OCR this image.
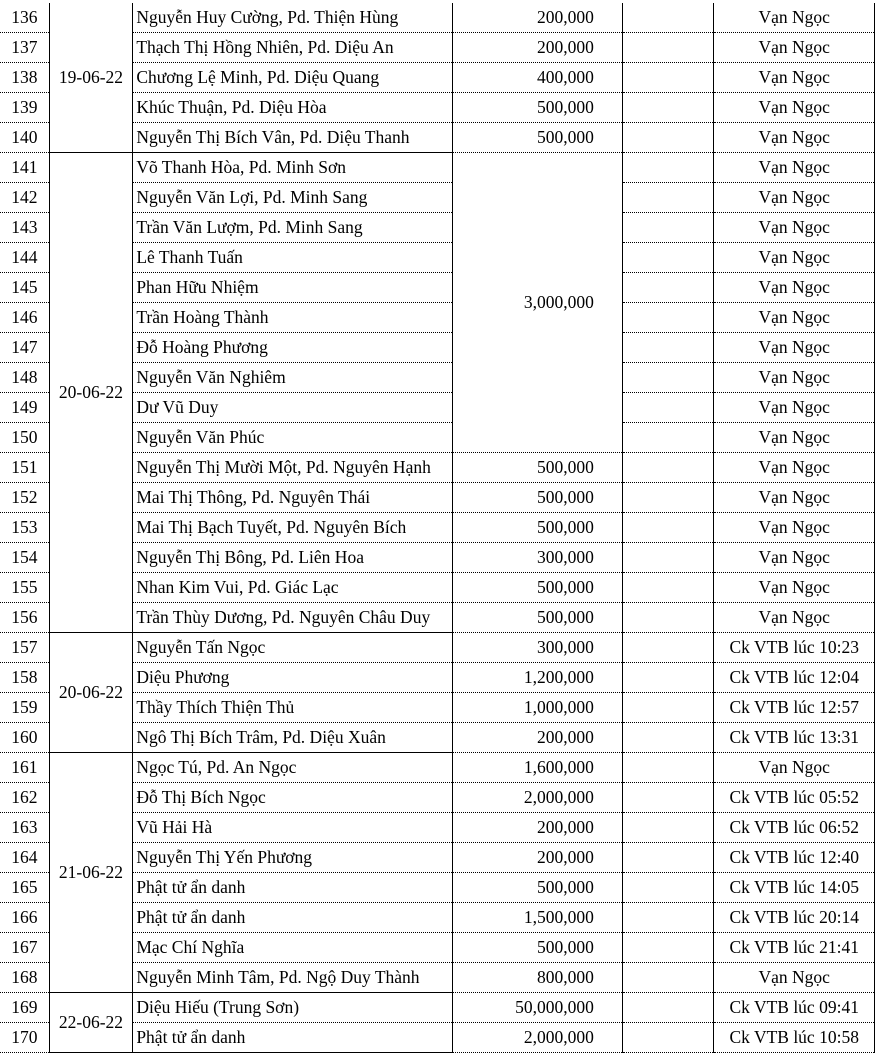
136	19-06-22	Nguyễn Huy Cường, Pd. Thiện Hùng	200,000		Vạn Ngọc
137		Thạch Thị Hồng Nhiên, Pd. Diệu An	200,000		Vạn Ngọc
138		Chương Lệ Minh, Pd. Diệu Quang	400,000		Vạn Ngọc
139		Khúc Thuận, Pd. Diệu Hòa	500,000		Vạn Ngọc
140		Nguyễn Thị Bích Vân, Pd. Diệu Thanh	500,000		Vạn Ngọc
141	20-06-22	Võ Thanh Hòa, Pd. Minh Sơn	3,000,000		Vạn Ngọc
142		Nguyễn Văn Lợi, Pd. Minh Sang			Vạn Ngọc
143		Trần Văn Lượm, Pd. Minh Sang			Vạn Ngọc
144		Lê Thanh Tuấn			Vạn Ngọc
145		Phan Hữu Nhiệm			Vạn Ngọc
146		Trần Hoàng Thành			Vạn Ngọc
147		Đỗ Hoàng Phương			Vạn Ngọc
148		Nguyễn Văn Nghiêm			Vạn Ngọc
149		Dư Vũ Duy			Vạn Ngọc
150		Nguyễn Văn Phúc			Vạn Ngọc
151		Nguyễn Thị Mười Một, Pd. Nguyên Hạnh	500,000		Vạn Ngọc
152		Mai Thị Thông, Pd. Nguyên Thái	500,000		Vạn Ngọc
153		Mai Thị Bạch Tuyết, Pd. Nguyên Bích	500,000		Vạn Ngọc
154		Nguyễn Thị Bông, Pd. Liên Hoa	300,000		Vạn Ngọc
155		Nhan Kim Vui, Pd. Giác Lạc	500,000		Vạn Ngọc
156		Trần Thùy Dương, Pd. Nguyên Châu Duy	500,000		Vạn Ngọc
157	20-06-22	Nguyễn Tấn Ngọc	300,000		Ck VTB lúc 10:23
158		Diệu Phương	1,200,000		Ck VTB lúc 12:04
159		Thầy Thích Thiện Thủ	1,000,000		Ck VTB lúc 12:57
160		Ngô Thị Bích Trâm, Pd. Diệu Xuân	200,000		Ck VTB lúc 13:31
161	21-06-22	Ngọc Tú, Pd. An Ngọc	1,600,000		Vạn Ngọc
162		Đỗ Thị Bích Ngọc	2,000,000		Ck VTB lúc 05:52
163		Vũ Hải Hà	200,000		Ck VTB lúc 06:52
164		Nguyễn Thị Yến Phương	200,000		Ck VTB lúc 12:40
165		Phật tử ẩn danh	500,000		Ck VTB lúc 14:05
166		Phật tử ẩn danh	1,500,000		Ck VTB lúc 20:14
167		Mạc Chí Nghĩa	500,000		Ck VTB lúc 21:41
168		Nguyễn Minh Tâm, Pd. Ngộ Duy Thành	800,000		Vạn Ngọc
169	22-06-22	Diệu Hiếu (Trung Sơn)	50,000,000		Ck VTB lúc 09:41
170		Phật tử ẩn danh	2,000,000		Ck VTB lúc 10:58
